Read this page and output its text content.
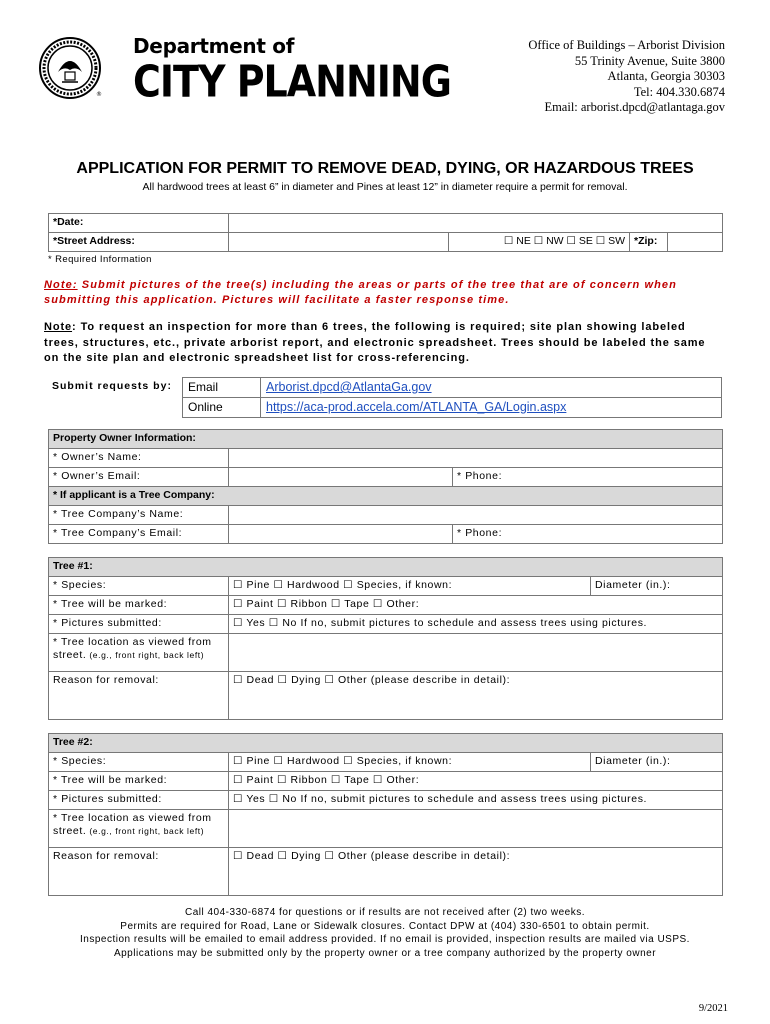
®
Department of
CITY PLANNING
Office of Buildings – Arborist Division
55 Trinity Avenue, Suite 3800
Atlanta, Georgia 30303
Tel: 404.330.6874
Email: arborist.dpcd@atlantaga.gov
APPLICATION FOR PERMIT TO REMOVE DEAD, DYING, OR HAZARDOUS TREES
All hardwood trees at least 6” in diameter and Pines at least 12” in diameter require a permit for removal.
*Date:				
*Street Address:		☐ NE ☐ NW ☐ SE ☐ SW	*Zip:	
* Required Information
Note: Submit pictures of the tree(s) including the areas or parts of the tree that are of concern when submitting this application. Pictures will facilitate a faster response time.
Note: To request an inspection for more than 6 trees, the following is required; site plan showing labeled trees, structures, etc., private arborist report, and electronic spreadsheet. Trees should be labeled the same on the site plan and electronic spreadsheet list for cross-referencing.
Submit requests by: Email	Arborist.dpcd@AtlantaGa.gov
Online	https://aca-prod.accela.com/ATLANTA_GA/Login.aspx
Property Owner Information:			
* Owner’s Name:			
* Owner’s Email:		* Phone:	
* If applicant is a Tree Company:			
* Tree Company’s Name:			
* Tree Company’s Email:		* Phone:	
Tree #1:		
* Species:	☐ Pine ☐ Hardwood ☐ Species, if known:	Diameter (in.):
* Tree will be marked:	☐ Paint ☐ Ribbon ☐ Tape ☐ Other:	
* Pictures submitted:	☐ Yes ☐ No If no, submit pictures to schedule and assess trees using pictures.	
* Tree location as viewed from street. (e.g., front right, back left)		
Reason for removal:	☐ Dead ☐ Dying ☐ Other (please describe in detail):	
Tree #2:		
* Species:	☐ Pine ☐ Hardwood ☐ Species, if known:	Diameter (in.):
* Tree will be marked:	☐ Paint ☐ Ribbon ☐ Tape ☐ Other:	
* Pictures submitted:	☐ Yes ☐ No If no, submit pictures to schedule and assess trees using pictures.	
* Tree location as viewed from street. (e.g., front right, back left)		
Reason for removal:	☐ Dead ☐ Dying ☐ Other (please describe in detail):	
Call 404-330-6874 for questions or if results are not received after (2) two weeks.
Permits are required for Road, Lane or Sidewalk closures. Contact DPW at (404) 330-6501 to obtain permit.
Inspection results will be emailed to email address provided. If no email is provided, inspection results are mailed via USPS.
Applications may be submitted only by the property owner or a tree company authorized by the property owner
9/2021
